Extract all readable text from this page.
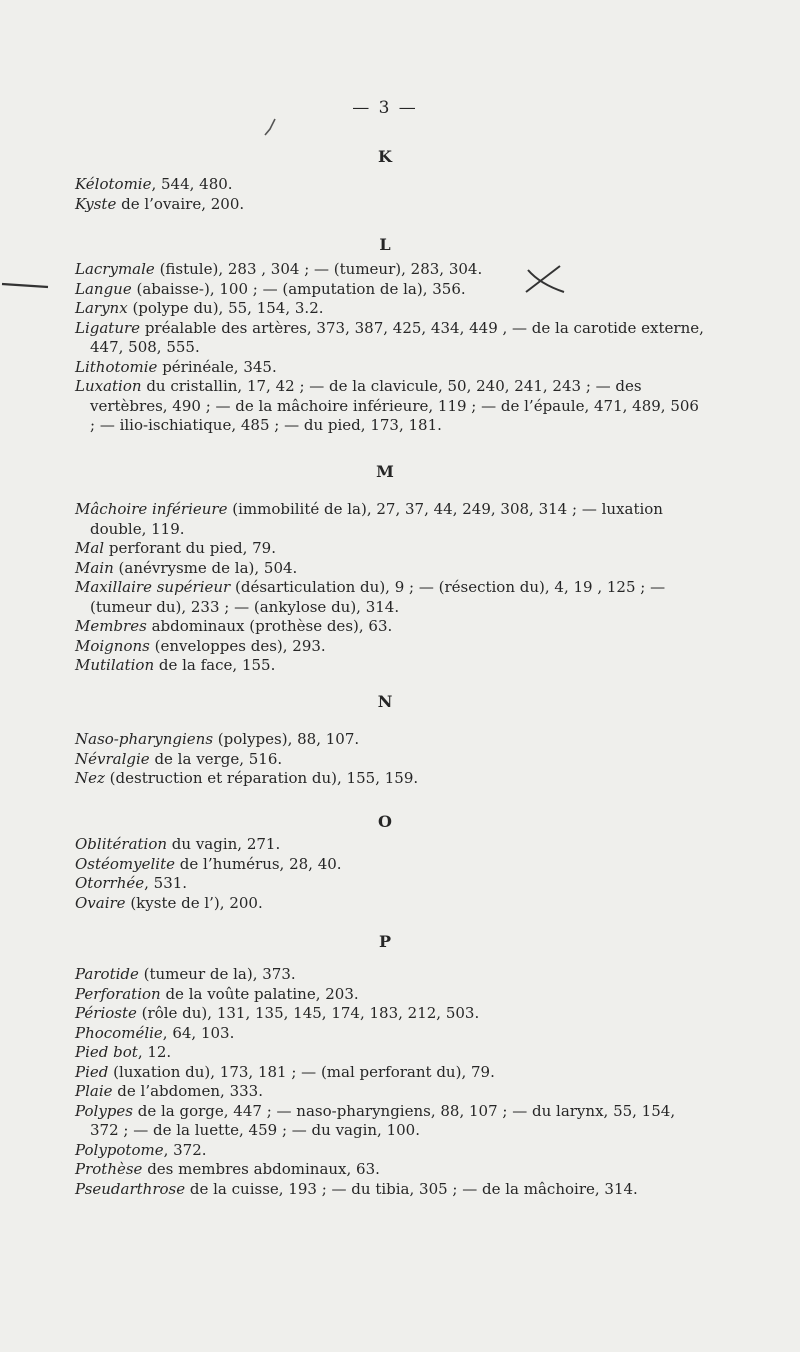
— 3 —
K
Kélotomie, 544, 480.
Kyste de l’ovaire, 200.
L
Lacrymale (fistule), 283 , 304 ; — (tumeur), 283, 304.
Langue (abaisse-), 100 ; — (amputation de la), 356.
Larynx (polype du), 55, 154, 3.2.
Ligature préalable des artères, 373, 387, 425, 434, 449 , — de la carotide externe, 447, 508, 555.
Lithotomie périnéale, 345.
Luxation du cristallin, 17, 42 ; — de la clavicule, 50, 240, 241, 243 ; — des vertèbres, 490 ; — de la mâchoire inférieure, 119 ; — de l’épaule, 471, 489, 506 ; — ilio-ischiatique, 485 ; — du pied, 173, 181.
M
Mâchoire inférieure (immobilité de la), 27, 37, 44, 249, 308, 314 ; — luxation double, 119.
Mal perforant du pied, 79.
Main (anévrysme de la), 504.
Maxillaire supérieur (désarticulation du), 9 ; — (résection du), 4, 19 , 125 ; — (tumeur du), 233 ; — (ankylose du), 314.
Membres abdominaux (prothèse des), 63.
Moignons (enveloppes des), 293.
Mutilation de la face, 155.
N
Naso-pharyngiens (polypes), 88, 107.
Névralgie de la verge, 516.
Nez (destruction et réparation du), 155, 159.
O
Oblitération du vagin, 271.
Ostéomyelite de l’humérus, 28, 40.
Otorrhée, 531.
Ovaire (kyste de l’), 200.
P
Parotide (tumeur de la), 373.
Perforation de la voûte palatine, 203.
Périoste (rôle du), 131, 135, 145, 174, 183, 212, 503.
Phocomélie, 64, 103.
Pied bot, 12.
Pied (luxation du), 173, 181 ; — (mal perforant du), 79.
Plaie de l’abdomen, 333.
Polypes de la gorge, 447 ; — naso-pharyngiens, 88, 107 ; — du larynx, 55, 154, 372 ; — de la luette, 459 ; — du vagin, 100.
Polypotome, 372.
Prothèse des membres abdominaux, 63.
Pseudarthrose de la cuisse, 193 ; — du tibia, 305 ; — de la mâchoire, 314.
